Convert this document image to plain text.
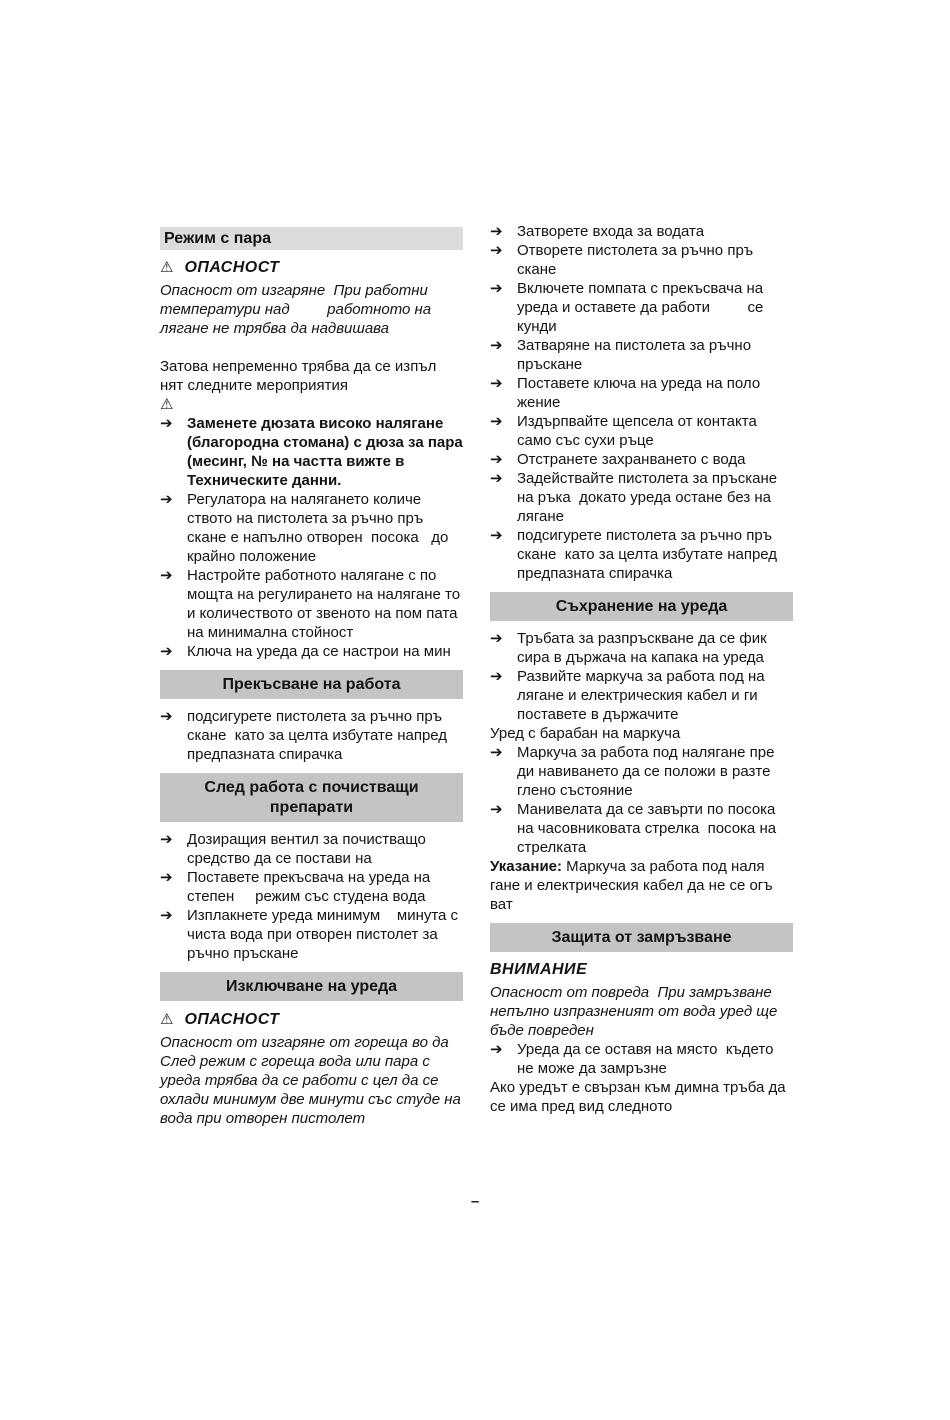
Режим с пара
⚠ ОПАСНОСТ

Опасност от изгаряне  При работни температури над         работното на лягане не трябва да надвишава

Затова непременно трябва да се изпъл нят следните мероприятия

⚠
➔ Заменете дюзата високо налягане (благородна стомана) с дюза за пара (месинг, № на частта вижте в Техническите данни.
➔ Регулатора на налягането количе ството на пистолета за ръчно пръ скане е напълно отворен  посока   до крайно положение
➔ Настройте работното налягане с по мощта на регулирането на налягане то и количеството от звеното на пом пата на минимална стойност
➔ Ключа на уреда да се настрои на мин
Прекъсване на работа
➔ подсигурете пистолета за ръчно пръ скане  като за целта избутате напред предпазната спирачка
След работа с почистващи препарати
➔ Дозиращия вентил за почистващо средство да се постави на
➔ Поставете прекъсвача на уреда на степен     режим със студена вода
➔ Изплакнете уреда минимум    минута с чиста вода при отворен пистолет за ръчно пръскане
Изключване на уреда
⚠ ОПАСНОСТ

Опасност от изгаряне от гореща во да  След режим с гореща вода или пара с уреда трябва да се работи с цел да се охлади минимум две минути със студе на вода при отворен пистолет

➔ Затворете входа за водата
➔ Отворете пистолета за ръчно пръ скане
➔ Включете помпата с прекъсвача на уреда и оставете да работи         се кунди
➔ Затваряне на пистолета за ръчно пръскане
➔ Поставете ключа на уреда на поло жение
➔ Издърпвайте щепсела от контакта само със сухи ръце
➔ Отстранете захранването с вода
➔ Задействайте пистолета за пръскане на ръка  докато уреда остане без на лягане
➔ подсигурете пистолета за ръчно пръ скане  като за целта избутате напред предпазната спирачка
Съхранение на уреда
➔ Тръбата за разпръскване да се фик сира в държача на капака на уреда
➔ Развийте маркуча за работа под на лягане и електрическия кабел и ги поставете в държачите

Уред с барабан на маркуча

➔ Маркуча за работа под налягане пре ди навиването да се положи в разте глено състояние
➔ Манивелата да се завърти по посока на часовниковата стрелка  посока на стрелката

Указание: Маркуча за работа под наля гане и електрическия кабел да не се огъ ват

Защита от замръзване
ВНИМАНИЕ

Опасност от повреда  При замръзване непълно изпразненият от вода уред ще бъде повреден

➔ Уреда да се оставя на място  където не може да замръзне

Ако уредът е свързан към димна тръба да се има пред вид следното

–
